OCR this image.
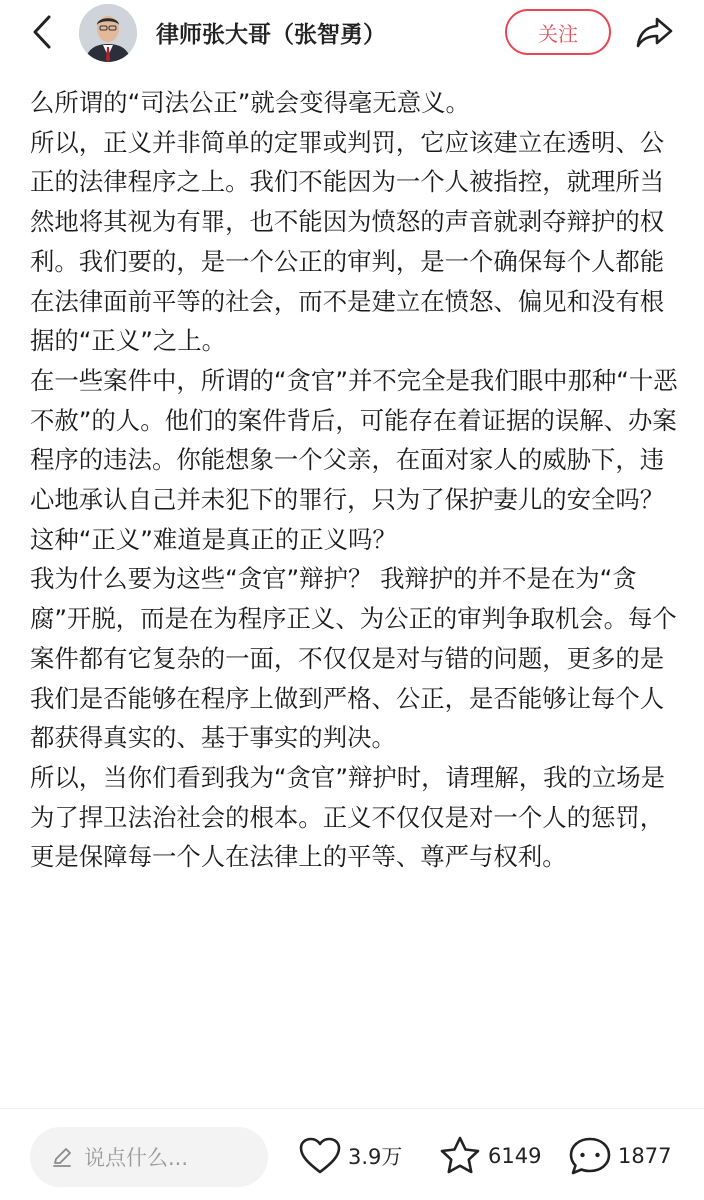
律师张大哥（张智勇）	关注

么所谓的“司法公正”就会变得毫无意义。

所以，正义并非简单的定罪或判罚，它应该建立在透明、公正的法律程序之上。我们不能因为一个人被指控，就理所当然地将其视为有罪，也不能因为愤怒的声音就剥夺辩护的权利。我们要的，是一个公正的审判，是一个确保每个人都能在法律面前平等的社会，而不是建立在愤怒、偏见和没有根据的“正义”之上。

在一些案件中，所谓的“贪官”并不完全是我们眼中那种“十恶不赦”的人。他们的案件背后，可能存在着证据的误解、办案程序的违法。你能想象一个父亲，在面对家人的威胁下，违心地承认自己并未犯下的罪行，只为了保护妻儿的安全吗？这种“正义”难道是真正的正义吗？

我为什么要为这些“贪官”辩护？ 我辩护的并不是在为“贪腐”开脱，而是在为程序正义、为公正的审判争取机会。每个案件都有它复杂的一面，不仅仅是对与错的问题，更多的是我们是否能够在程序上做到严格、公正，是否能够让每个人都获得真实的、基于事实的判决。

所以，当你们看到我为“贪官”辩护时，请理解，我的立场是为了捍卫法治社会的根本。正义不仅仅是对一个人的惩罚，更是保障每一个人在法律上的平等、尊严与权利。

说点什么...	3.9万	6149	1877
